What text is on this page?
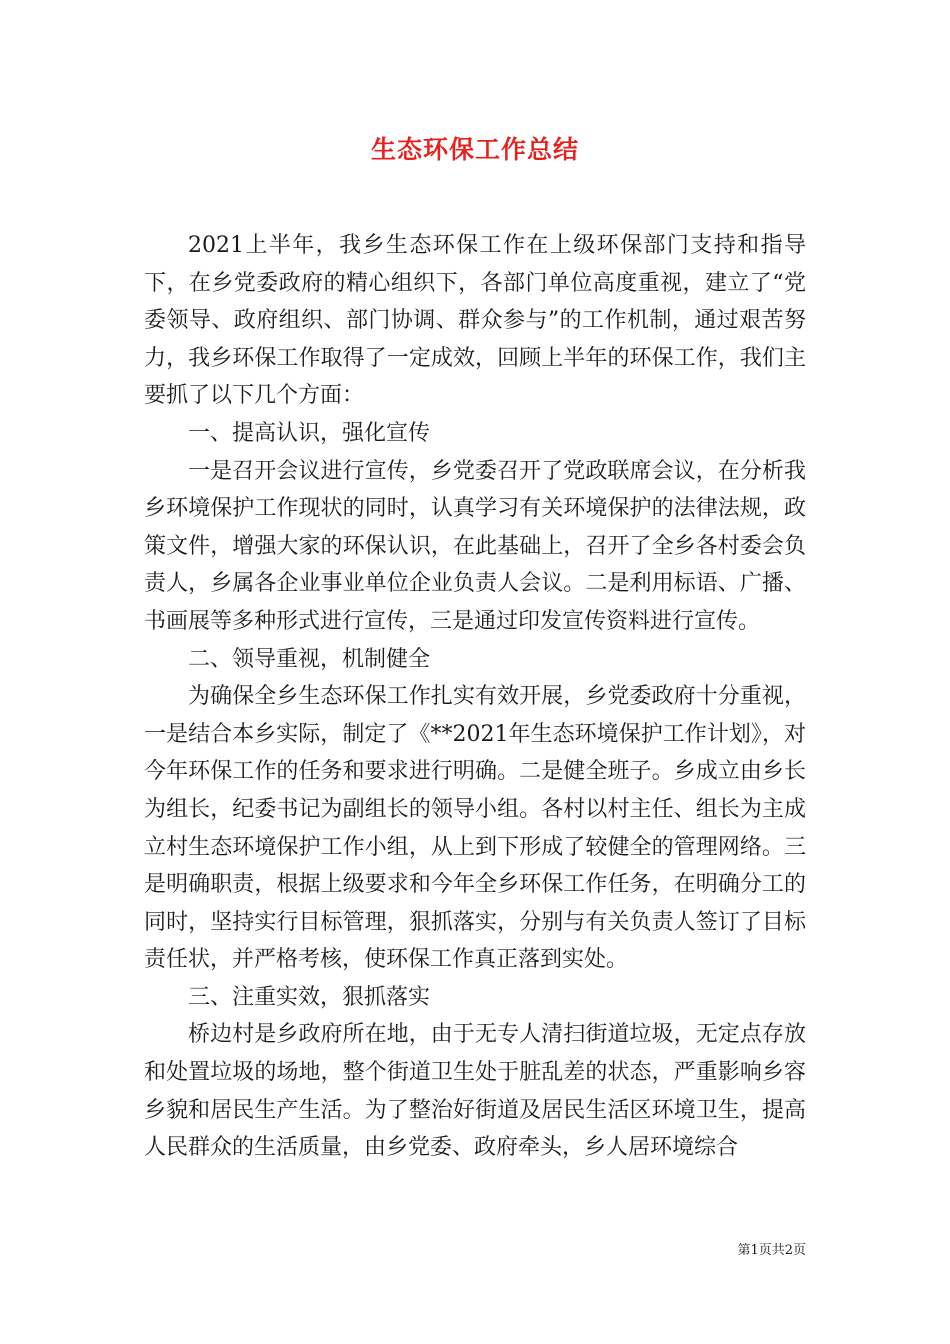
生态环保工作总结

2021上半年，我乡生态环保工作在上级环保部门支持和指导下，在乡党委政府的精心组织下，各部门单位高度重视，建立了“党委领导、政府组织、部门协调、群众参与”的工作机制，通过艰苦努力，我乡环保工作取得了一定成效，回顾上半年的环保工作，我们主要抓了以下几个方面：

一、提高认识，强化宣传

一是召开会议进行宣传，乡党委召开了党政联席会议，在分析我乡环境保护工作现状的同时，认真学习有关环境保护的法律法规，政策文件，增强大家的环保认识，在此基础上，召开了全乡各村委会负责人，乡属各企业事业单位企业负责人会议。二是利用标语、广播、书画展等多种形式进行宣传，三是通过印发宣传资料进行宣传。

二、领导重视，机制健全

为确保全乡生态环保工作扎实有效开展，乡党委政府十分重视，一是结合本乡实际，制定了《**2021年生态环境保护工作计划》，对今年环保工作的任务和要求进行明确。二是健全班子。乡成立由乡长为组长，纪委书记为副组长的领导小组。各村以村主任、组长为主成立村生态环境保护工作小组，从上到下形成了较健全的管理网络。三是明确职责，根据上级要求和今年全乡环保工作任务，在明确分工的同时，坚持实行目标管理，狠抓落实，分别与有关负责人签订了目标责任状，并严格考核，使环保工作真正落到实处。

三、注重实效，狠抓落实

桥边村是乡政府所在地，由于无专人清扫街道垃圾，无定点存放和处置垃圾的场地，整个街道卫生处于脏乱差的状态，严重影响乡容乡貌和居民生产生活。为了整治好街道及居民生活区环境卫生，提高人民群众的生活质量，由乡党委、政府牵头，乡人居环境综合

第1页共2页
